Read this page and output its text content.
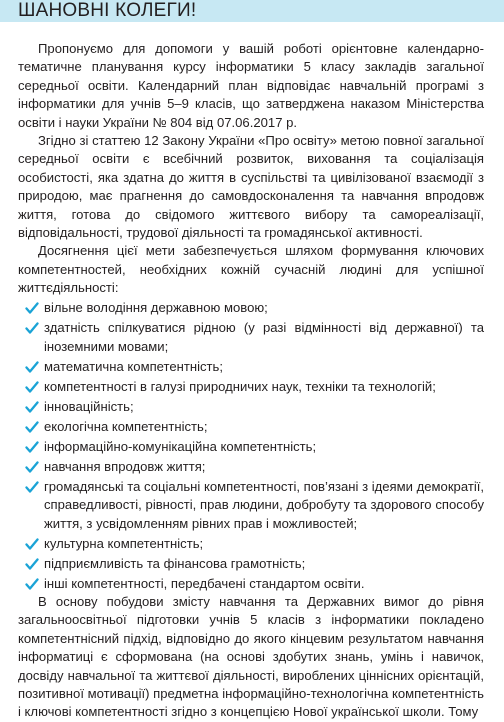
ШАНОВНІ КОЛЕГИ!

Пропонуємо для допомоги у вашій роботі орієнтовне календарно-тематичне планування курсу інформатики 5 класу закладів загальної середньої освіти. Календарний план відповідає навчальній програмі з інформатики для учнів 5–9 класів, що затверджена наказом Міністерства освіти і науки України № 804 від 07.06.2017 р.

Згідно зі статтею 12 Закону України «Про освіту» метою повної загальної середньої освіти є всебічний розвиток, виховання та соціалізація особистості, яка здатна до життя в суспільстві та цивілізованої взаємодії з природою, має прагнення до самовдосконалення та навчання впродовж життя, готова до свідомого життєвого вибору та самореалізації, відповідальності, трудової діяльності та громадянської активності.

Досягнення цієї мети забезпечується шляхом формування ключових компетентностей, необхідних кожній сучасній людині для успішної життєдіяльності:

вільне володіння державною мовою;
здатність спілкуватися рідною (у разі відмінності від державної) та іноземними мовами;
математична компетентність;
компетентності в галузі природничих наук, техніки та технологій;
інноваційність;
екологічна компетентність;
інформаційно-комунікаційна компетентність;
навчання впродовж життя;
громадянські та соціальні компетентності, пов’язані з ідеями демократії, справедливості, рівності, прав людини, добробуту та здорового способу життя, з усвідомленням рівних прав і можливостей;
культурна компетентність;
підприємливість та фінансова грамотність;
інші компетентності, передбачені стандартом освіти.

В основу побудови змісту навчання та Державних вимог до рівня загальноосвітньої підготовки учнів 5 класів з інформатики покладено компетентнісний підхід, відповідно до якого кінцевим результатом навчання інформатиці є сформована (на основі здобутих знань, умінь і навичок, досвіду навчальної та життєвої діяльності, вироблених ціннісних орієнтацій, позитивної мотивації) предметна інформаційно-технологічна компетентність і ключові компетентності згідно з концепцією Нової української школи. Тому
